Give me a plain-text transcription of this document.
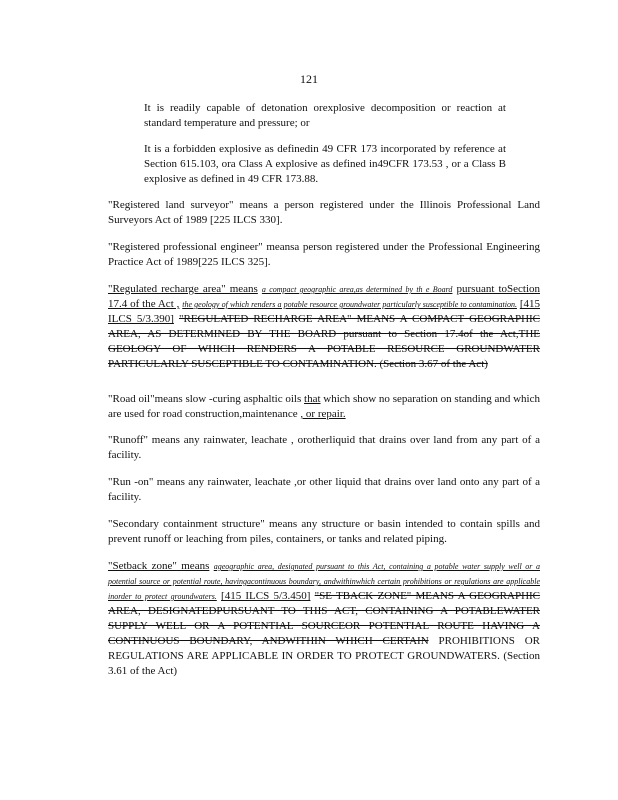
121

It is readily capable of detonation orexplosive decomposition or reaction at standard temperature and pressure; or

It is a forbidden explosive as definedin 49 CFR 173 incorporated by reference at Section 615.103, ora Class A explosive as defined in49CFR 173.53 , or a Class B explosive as defined in 49 CFR 173.88.

"Registered land surveyor" means a person registered under the Illinois Professional Land Surveyors Act of 1989 [225 ILCS 330].

"Registered professional engineer" meansa person registered under the Professional Engineering Practice Act of 1989[225 ILCS 325].

"Regulated recharge area" means a compact geographic area,as determined by th e Board pursuant toSection 17.4 of the Act , the geology of which renders a potable resource groundwater particularly susceptible to contamination. [415 ILCS 5/3.390] "REGULATED RECHARGE AREA" MEANS A COMPACT GEOGRAPHIC AREA, AS DETERMINED BY THE BOARD pursuant to Section 17.4of the Act,THE GEOLOGY OF WHICH RENDERS A POTABLE RESOURCE GROUNDWATER PARTICULARLY SUSCEPTIBLE TO CONTAMINATION. (Section 3.67 of the Act)

"Road oil"means slow -curing asphaltic oils that which show no separation on standing and which are used for road construction,maintenance , or repair.

"Runoff" means any rainwater, leachate , orotherliquid that drains over land from any part of a facility.

"Run -on" means any rainwater, leachate ,or other liquid that drains over land onto any part of a facility.

"Secondary containment structure" means any structure or basin intended to contain spills and prevent runoff or leaching from piles, containers, or tanks and related piping.

"Setback zone" means ageographic area, designated pursuant to this Act, containing a potable water supply well or a potential source or potential route, havingacontinuous boundary, andwithinwhich certain prohibitions or regulations are applicable inorder to protect groundwaters. [415 ILCS 5/3.450] "SE TBACK ZONE" MEANS A GEOGRAPHIC AREA, DESIGNATEDPURSUANT TO THIS ACT, CONTAINING A POTABLEWATER SUPPLY WELL OR A POTENTIAL SOURCEOR POTENTIAL ROUTE HAVING A CONTINUOUS BOUNDARY, ANDWITHIN WHICH CERTAIN PROHIBITIONS OR REGULATIONS ARE APPLICABLE IN ORDER TO PROTECT GROUNDWATERS. (Section 3.61 of the Act)
